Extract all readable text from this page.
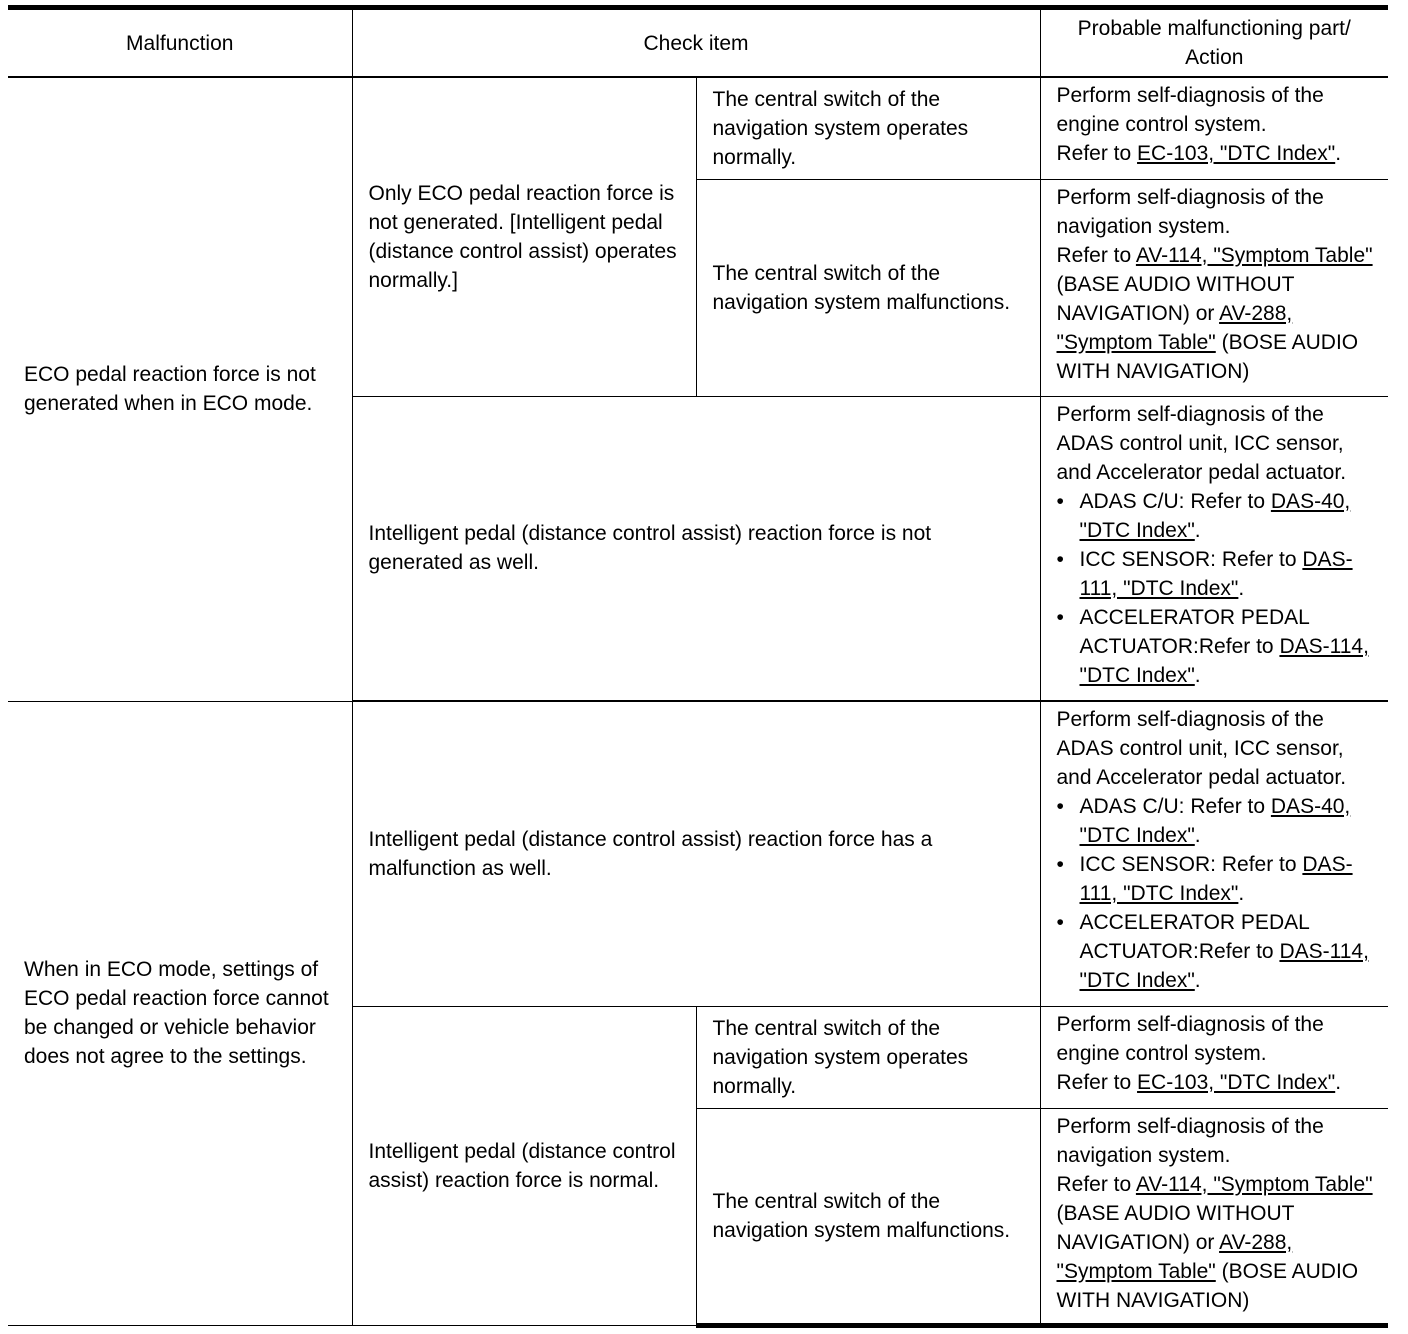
Malfunction	Check item		Probable malfunctioning part/
Action
ECO pedal reaction force is not generated when in ECO mode.	Only ECO pedal reaction force is not generated. [Intelligent pedal (distance control assist) operates normally.]	The central switch of the navigation system operates normally.	Perform self-diagnosis of the engine control system.
Refer to EC-103, "DTC Index".

		The central switch of the navigation system malfunctions.	Perform self-diagnosis of the navigation system.
Refer to AV-114, "Symptom Table" (BASE AUDIO WITHOUT NAVIGATION) or AV-288, "Symptom Table" (BOSE AUDIO WITH NAVIGATION)

	Intelligent pedal (distance control assist) reaction force is not generated as well.		Perform self-diagnosis of the ADAS control unit, ICC sensor, and Accelerator pedal actuator.
• ADAS C/U: Refer to DAS-40, "DTC Index".
• ICC SENSOR: Refer to DAS-111, "DTC Index".
• ACCELERATOR PEDAL ACTUATOR:Refer to DAS-114, "DTC Index".

When in ECO mode, settings of ECO pedal reaction force cannot be changed or vehicle behavior does not agree to the settings.	Intelligent pedal (distance control assist) reaction force has a malfunction as well.		Perform self-diagnosis of the ADAS control unit, ICC sensor, and Accelerator pedal actuator.
• ADAS C/U: Refer to DAS-40, "DTC Index".
• ICC SENSOR: Refer to DAS-111, "DTC Index".
• ACCELERATOR PEDAL ACTUATOR:Refer to DAS-114, "DTC Index".

	Intelligent pedal (distance control assist) reaction force is normal.	The central switch of the navigation system operates normally.	Perform self-diagnosis of the engine control system.
Refer to EC-103, "DTC Index".

		The central switch of the navigation system malfunctions.	Perform self-diagnosis of the navigation system.
Refer to AV-114, "Symptom Table" (BASE AUDIO WITHOUT NAVIGATION) or AV-288, "Symptom Table" (BOSE AUDIO WITH NAVIGATION)
